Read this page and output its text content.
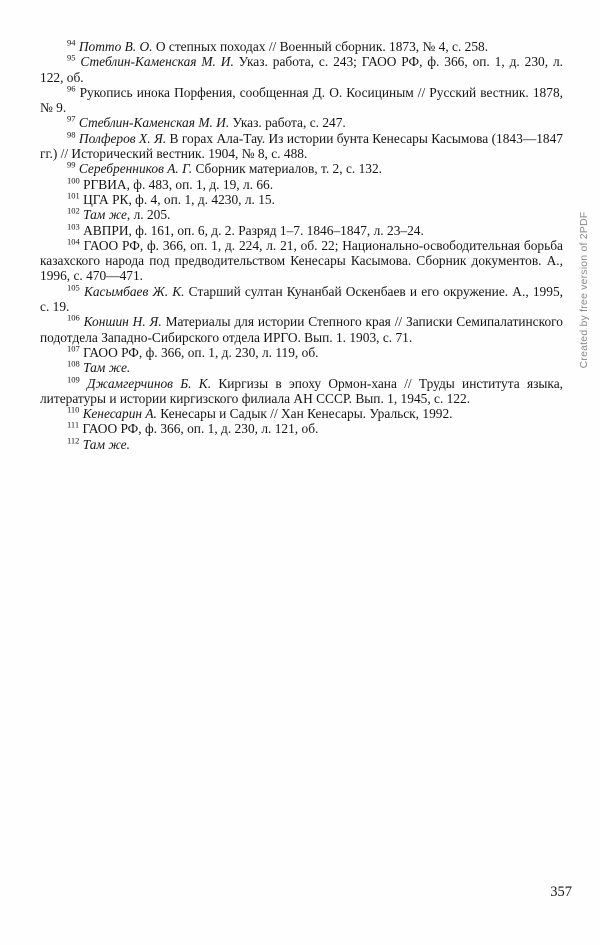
$^{94}$ Потто В. О. О степных походах // Военный сборник. 1873, № 4, с. 258.

$^{95}$ Стеблин-Каменская М. И. Указ. работа, с. 243; ГАОО РФ, ф. 366, оп. 1, д. 230, л. 122, об.

$^{96}$ Рукопись инока Порфения, сообщенная Д. О. Косициным // Русский вестник. 1878, № 9.

$^{97}$ Стеблин-Каменская М. И. Указ. работа, с. 247.

$^{98}$ Полферов Х. Я. В горах Ала-Тау. Из истории бунта Кенесары Касымова (1843—1847 гг.) // Исторический вестник. 1904, № 8, с. 488.

$^{99}$ Серебренников А. Г. Сборник материалов, т. 2, с. 132.

$^{100}$ РГВИА, ф. 483, оп. 1, д. 19, л. 66.

$^{101}$ ЦГА РК, ф. 4, оп. 1, д. 4230, л. 15.

$^{102}$ Там же, л. 205.

$^{103}$ АВПРИ, ф. 161, оп. 6, д. 2. Разряд 1–7. 1846–1847, л. 23–24.

$^{104}$ ГАОО РФ, ф. 366, оп. 1, д. 224, л. 21, об. 22; Национально-освободительная борьба казахского народа под предводительством Кенесары Касымова. Сборник документов. А., 1996, с. 470—471.

$^{105}$ Касымбаев Ж. К. Старший султан Кунанбай Оскенбаев и его окружение. А., 1995, с. 19.

$^{106}$ Коншин Н. Я. Материалы для истории Степного края // Записки Семипалатинского подотдела Западно-Сибирского отдела ИРГО. Вып. 1. 1903, с. 71.

$^{107}$ ГАОО РФ, ф. 366, оп. 1, д. 230, л. 119, об.

$^{108}$ Там же.

$^{109}$ Джамгерчинов Б. К. Киргизы в эпоху Ормон-хана // Труды института языка, литературы и истории киргизского филиала АН СССР. Вып. 1, 1945, с. 122.

$^{110}$ Кенесарин А. Кенесары и Садык // Хан Кенесары. Уральск, 1992.

$^{111}$ ГАОО РФ, ф. 366, оп. 1, д. 230, л. 121, об.

$^{112}$ Там же.

Created by free version of 2PDF
357
